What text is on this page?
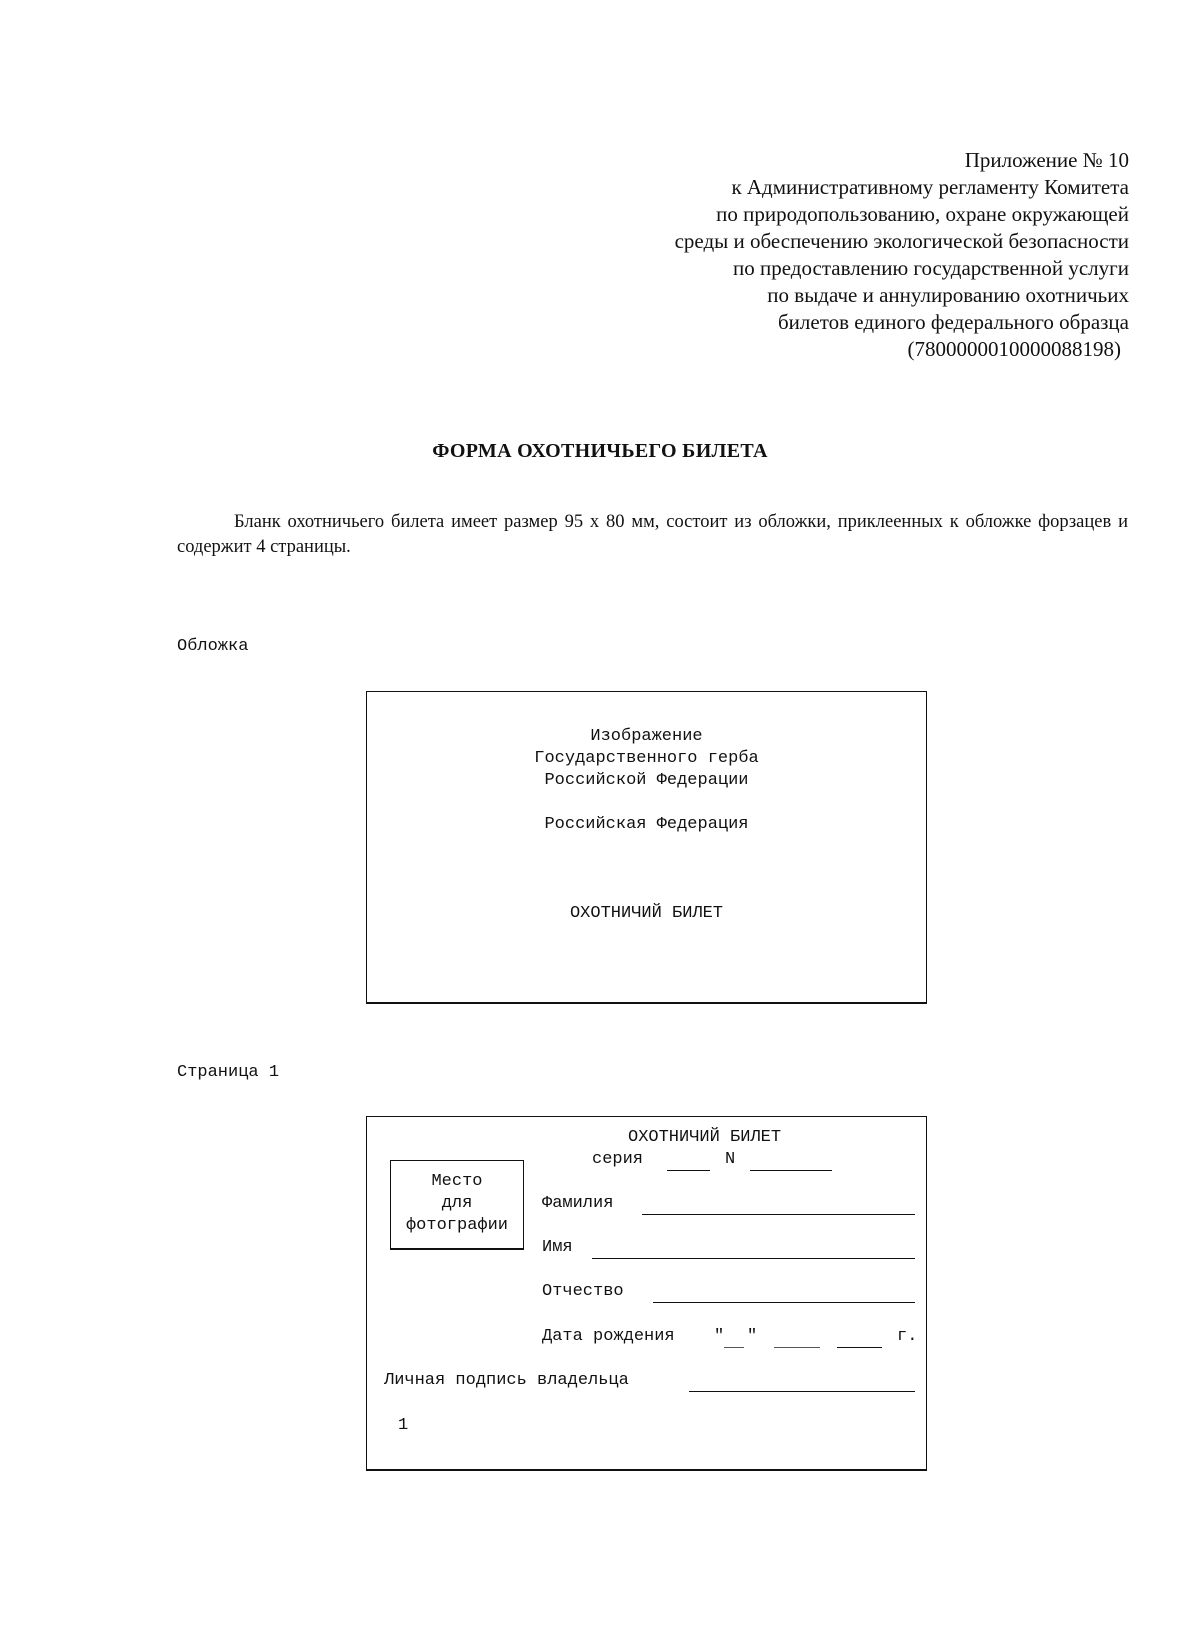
Приложение № 10
к Административному регламенту Комитета
по природопользованию, охране окружающей
среды и обеспечению экологической безопасности
по предоставлению государственной услуги
по выдаче и аннулированию охотничьих
билетов единого федерального образца
(7800000010000088198)
ФОРМА ОХОТНИЧЬЕГО БИЛЕТА
Бланк охотничьего билета имеет размер 95 х 80 мм, состоит из обложки, приклеенных к обложке форзацев и содержит 4 страницы.
Обложка
Изображение
Государственного герба
Российской Федерации
Российская Федерация
ОХОТНИЧИЙ БИЛЕТ
Страница 1
ОХОТНИЧИЙ БИЛЕТ
серия	N
Место
для
фотографии
Фамилия
Имя
Отчество
Дата рождения " "	г.
Личная подпись владельца
1
